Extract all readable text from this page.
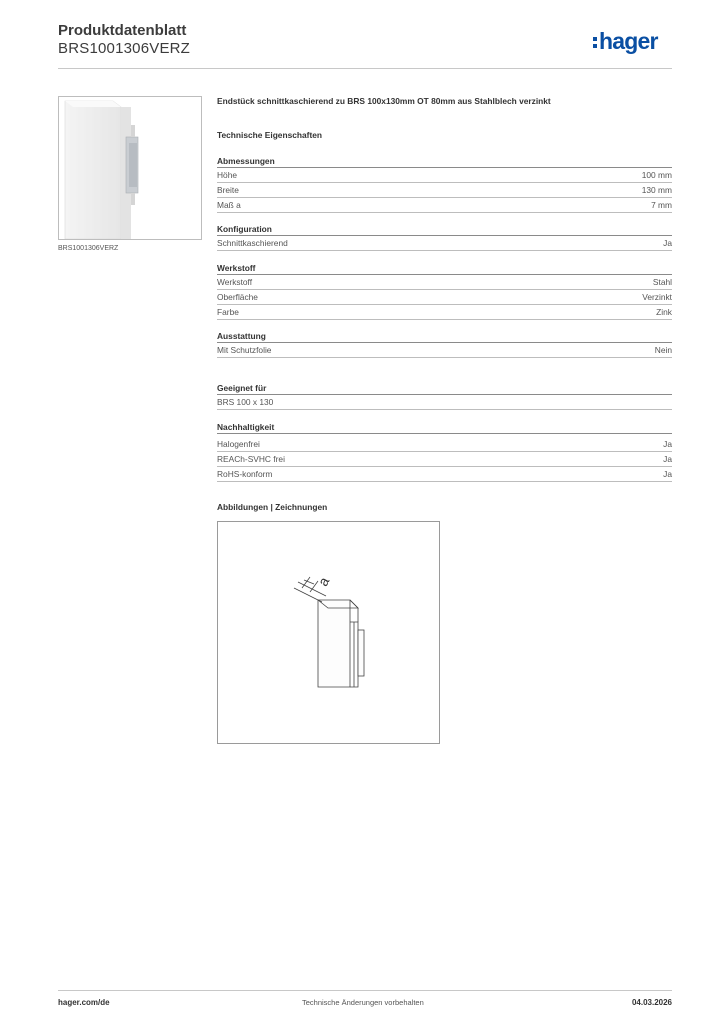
Produktdatenblatt
BRS1001306VERZ	hager
BRS1001306VERZ
Endstück schnittkaschierend zu BRS 100x130mm OT 80mm aus Stahlblech verzinkt
Technische Eigenschaften
Abmessungen
Höhe	100 mm
Breite	130 mm
Maß a	7 mm
Konfiguration
Schnittkaschierend	Ja
Werkstoff
Werkstoff	Stahl
Oberfläche	Verzinkt
Farbe	Zink
Ausstattung
Mit Schutzfolie	Nein
Geeignet für
BRS 100 x 130
Nachhaltigkeit
Halogenfrei	Ja
REACh-SVHC frei	Ja
RoHS-konform	Ja
Abbildungen | Zeichnungen
a
hager.com/de	Technische Änderungen vorbehalten	04.03.2026
